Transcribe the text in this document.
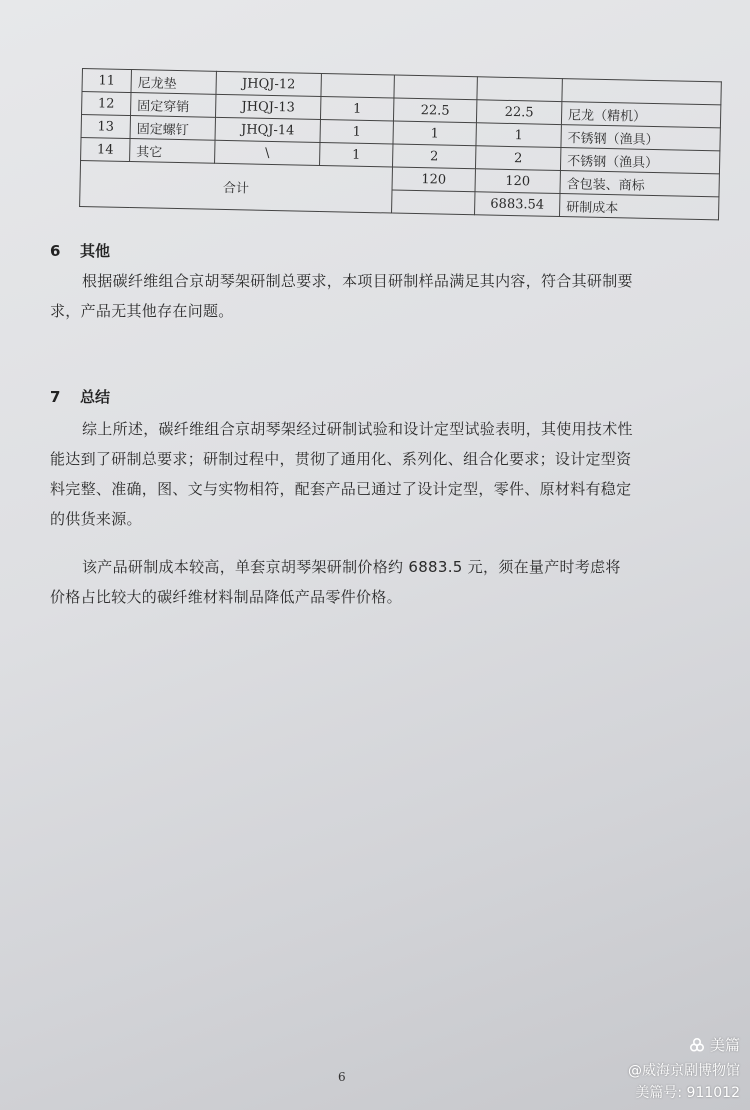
11	尼龙垫	JHQJ-12				
12	固定穿销	JHQJ-13	1	22.5	22.5	尼龙（精机）
13	固定螺钉	JHQJ-14	1	1	1	不锈钢（渔具）
14	其它	\	1	2	2	不锈钢（渔具）
合计				120	120	含包装、商标
					6883.54	研制成本
6 其他
根据碳纤维组合京胡琴架研制总要求，本项目研制样品满足其内容，符合其研制要求，产品无其他存在问题。
7 总结
综上所述，碳纤维组合京胡琴架经过研制试验和设计定型试验表明，其使用技术性能达到了研制总要求；研制过程中，贯彻了通用化、系列化、组合化要求；设计定型资料完整、准确，图、文与实物相符，配套产品已通过了设计定型，零件、原材料有稳定的供货来源。
该产品研制成本较高，单套京胡琴架研制价格约 6883.5 元，须在量产时考虑将价格占比较大的碳纤维材料制品降低产品零件价格。
6
美篇
@威海京剧博物馆
美篇号: 911012
